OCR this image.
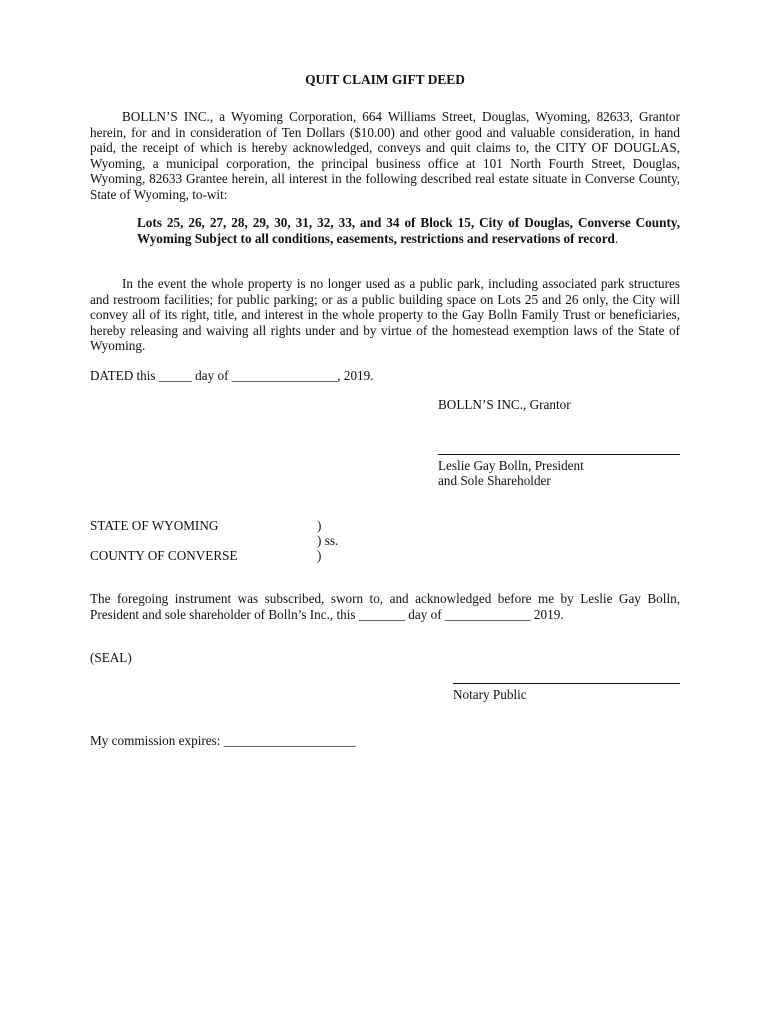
QUIT CLAIM GIFT DEED

BOLLN’S INC., a Wyoming Corporation, 664 Williams Street, Douglas, Wyoming, 82633, Grantor herein, for and in consideration of Ten Dollars ($10.00) and other good and valuable consideration, in hand paid, the receipt of which is hereby acknowledged, conveys and quit claims to, the CITY OF DOUGLAS, Wyoming, a municipal corporation, the principal business office at 101 North Fourth Street, Douglas, Wyoming, 82633 Grantee herein, all interest in the following described real estate situate in Converse County, State of Wyoming, to-wit:

Lots 25, 26, 27, 28, 29, 30, 31, 32, 33, and 34 of Block 15, City of Douglas, Converse County, Wyoming Subject to all conditions, easements, restrictions and reservations of record.

In the event the whole property is no longer used as a public park, including associated park structures and restroom facilities; for public parking; or as a public building space on Lots 25 and 26 only, the City will convey all of its right, title, and interest in the whole property to the Gay Bolln Family Trust or beneficiaries, hereby releasing and waiving all rights under and by virtue of the homestead exemption laws of the State of Wyoming.

DATED this _____ day of ________________, 2019.
BOLLN’S INC., Grantor
Leslie Gay Bolln, President
and Sole Shareholder
STATE OF WYOMING	)
) ss.
COUNTY OF CONVERSE	)

The foregoing instrument was subscribed, sworn to, and acknowledged before me by Leslie Gay Bolln, President and sole shareholder of Bolln’s Inc., this _______ day of _____________ 2019.

(SEAL)
Notary Public
My commission expires: ____________________
